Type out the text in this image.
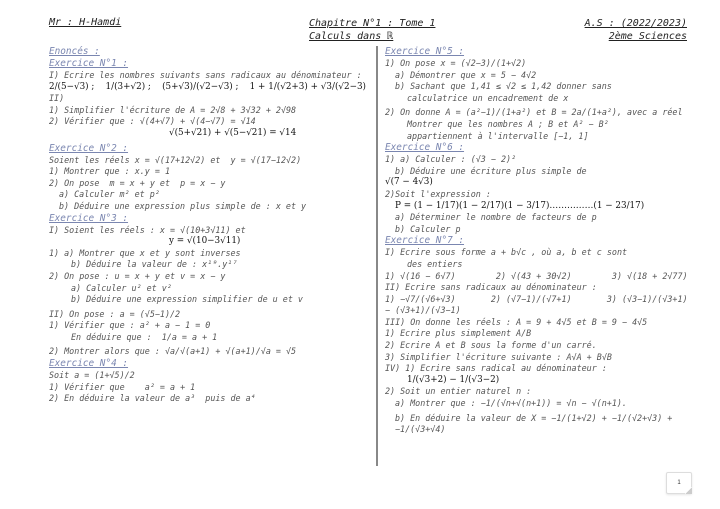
Mr : H-Hamdi	Chapitre N°1 : Tome 1
Calculs dans ℝ
A.S : (2022/2023)
2ème Sciences
Enoncés :
Exercice N°1 :
I) Ecrire les nombres suivants sans radicaux au dénominateur :
2/(5−√3) ;    1/(3+√2) ;    (5+√3)/(√2−√3) ;    1 + 1/(√2+3) + √3/(√2−3)
II)
1) Simplifier l'écriture de A = 2√8 + 3√32 + 2√98
2) Vérifier que : √(4+√7) + √(4−√7) = √14
√(5+√21) + √(5−√21) = √14
Exercice N°2 :
Soient les réels x = √(17+12√2) et  y = √(17−12√2)
1) Montrer que : x.y = 1
2) On pose  m = x + y et  p = x − y
a) Calculer m² et p²
b) Déduire une expression plus simple de : x et y
Exercice N°3 :
I) Soient les réels : x = √(10+3√11) et
y = √(10−3√11)
1) a) Montrer que x et y sont inverses
b) Déduire la valeur de : x¹⁹.y¹⁷
2) On pose : u = x + y et v = x − y
a) Calculer u² et v²
b) Déduire une expression simplifier de u et v
II) On pose : a = (√5−1)/2
1) Vérifier que : a² + a − 1 = 0
En déduire que :  1/a = a + 1
2) Montrer alors que : √a/√(a+1) + √(a+1)/√a = √5
Exercice N°4 :
Soit a = (1+√5)/2
1) Vérifier que    a² = a + 1
2) En déduire la valeur de a³  puis de a⁴
Exercice N°5 :
1) On pose x = (√2−3)/(1+√2)
a) Démontrer que x = 5 − 4√2
b) Sachant que 1,41 ≤ √2 ≤ 1,42 donner sans
calculatrice un encadrement de x
2) On donne A = (a²−1)/(1+a²) et B = 2a/(1+a²), avec a réel
Montrer que les nombres A ; B et A² − B²
appartiennent à l'intervalle [−1, 1]
Exercice N°6 :
1) a) Calculer : (√3 − 2)²
b) Déduire une écriture plus simple de
√(7 − 4√3)
2)Soit l'expression :
P = (1 − 1/17)(1 − 2/17)(1 − 3/17)……………(1 − 23/17)
a) Déterminer le nombre de facteurs de p
b) Calculer p
Exercice N°7 :
I) Ecrire sous forme a + b√c , où a, b et c sont
des entiers
1) √(16 − 6√7)        2) √(43 + 30√2)        3) √(18 + 2√77)
II) Ecrire sans radicaux au dénominateur :
1) −√7/(√6+√3)       2) (√7−1)/(√7+1)       3) (√3−1)/(√3+1) − (√3+1)/(√3−1)
III) On donne les réels : A = 9 + 4√5 et B = 9 − 4√5
1) Ecrire plus simplement A/B
2) Ecrire A et B sous la forme d'un carré.
3) Simplifier l'écriture suivante : A√A + B√B
IV) 1) Ecrire sans radical au dénominateur :
1/(√3+2) − 1/(√3−2)
2) Soit un entier naturel n :
a) Montrer que : −1/(√n+√(n+1)) = √n − √(n+1).
b) En déduire la valeur de X = −1/(1+√2) + −1/(√2+√3) + −1/(√3+√4)
1
